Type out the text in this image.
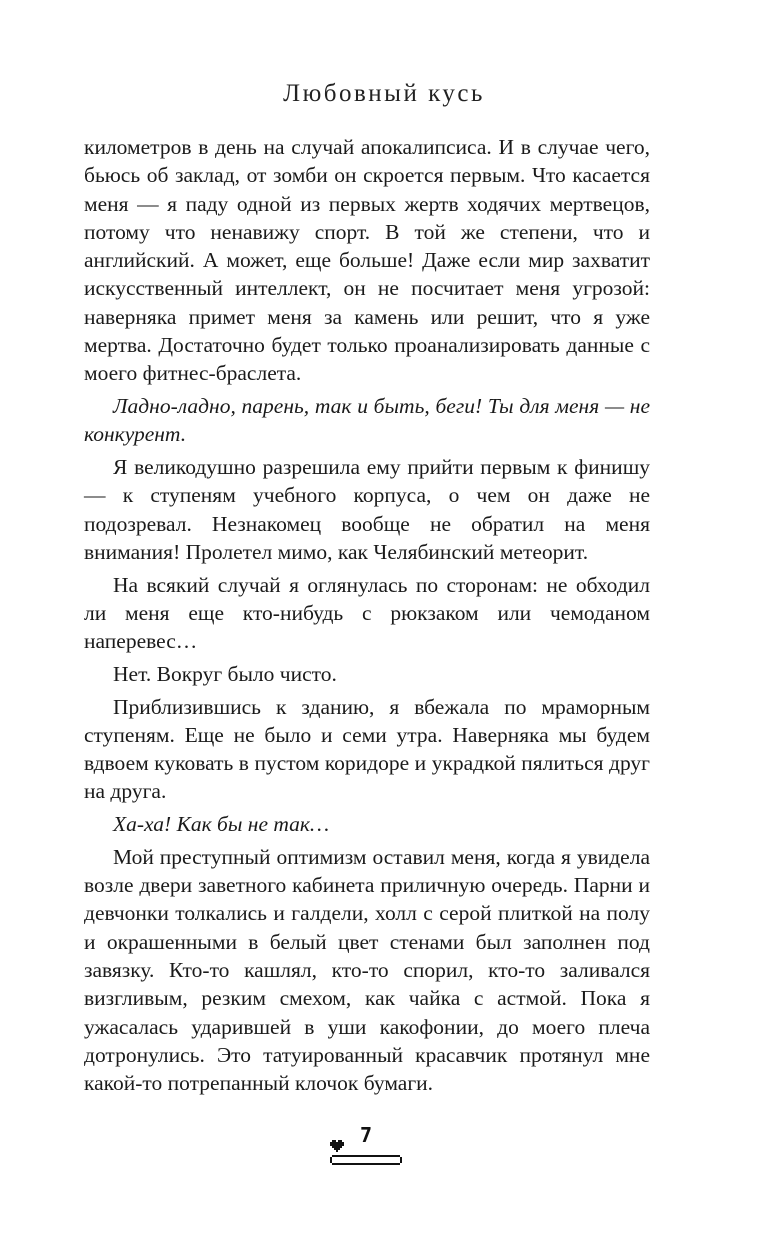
Любовный кусь

километров в день на случай апокалипсиса. И в случае чего, бьюсь об заклад, от зомби он скроется первым. Что касается меня — я паду одной из первых жертв ходячих мертвецов, потому что ненавижу спорт. В той же степени, что и английский. А может, еще больше! Даже если мир захватит искусственный интеллект, он не посчитает меня угрозой: наверняка примет меня за камень или решит, что я уже мертва. Достаточно будет только проанализировать данные с моего фитнес-браслета.

Ладно-ладно, парень, так и быть, беги! Ты для меня — не конкурент.

Я великодушно разрешила ему прийти первым к финишу — к ступеням учебного корпуса, о чем он даже не подозревал. Незнакомец вообще не обратил на меня внимания! Пролетел мимо, как Челябинский метеорит.

На всякий случай я оглянулась по сторонам: не обходил ли меня еще кто-нибудь с рюкзаком или чемоданом наперевес…

Нет. Вокруг было чисто.

Приблизившись к зданию, я вбежала по мраморным ступеням. Еще не было и семи утра. Наверняка мы будем вдвоем куковать в пустом коридоре и украдкой пялиться друг на друга.

Ха-ха! Как бы не так…

Мой преступный оптимизм оставил меня, когда я увидела возле двери заветного кабинета приличную очередь. Парни и девчонки толкались и галдели, холл с серой плиткой на полу и окрашенными в белый цвет стенами был заполнен под завязку. Кто-то кашлял, кто-то спорил, кто-то заливался визгливым, резким смехом, как чайка с астмой. Пока я ужасалась ударившей в уши какофонии, до моего плеча дотронулись. Это татуированный красавчик протянул мне какой-то потрепанный клочок бумаги.

7
